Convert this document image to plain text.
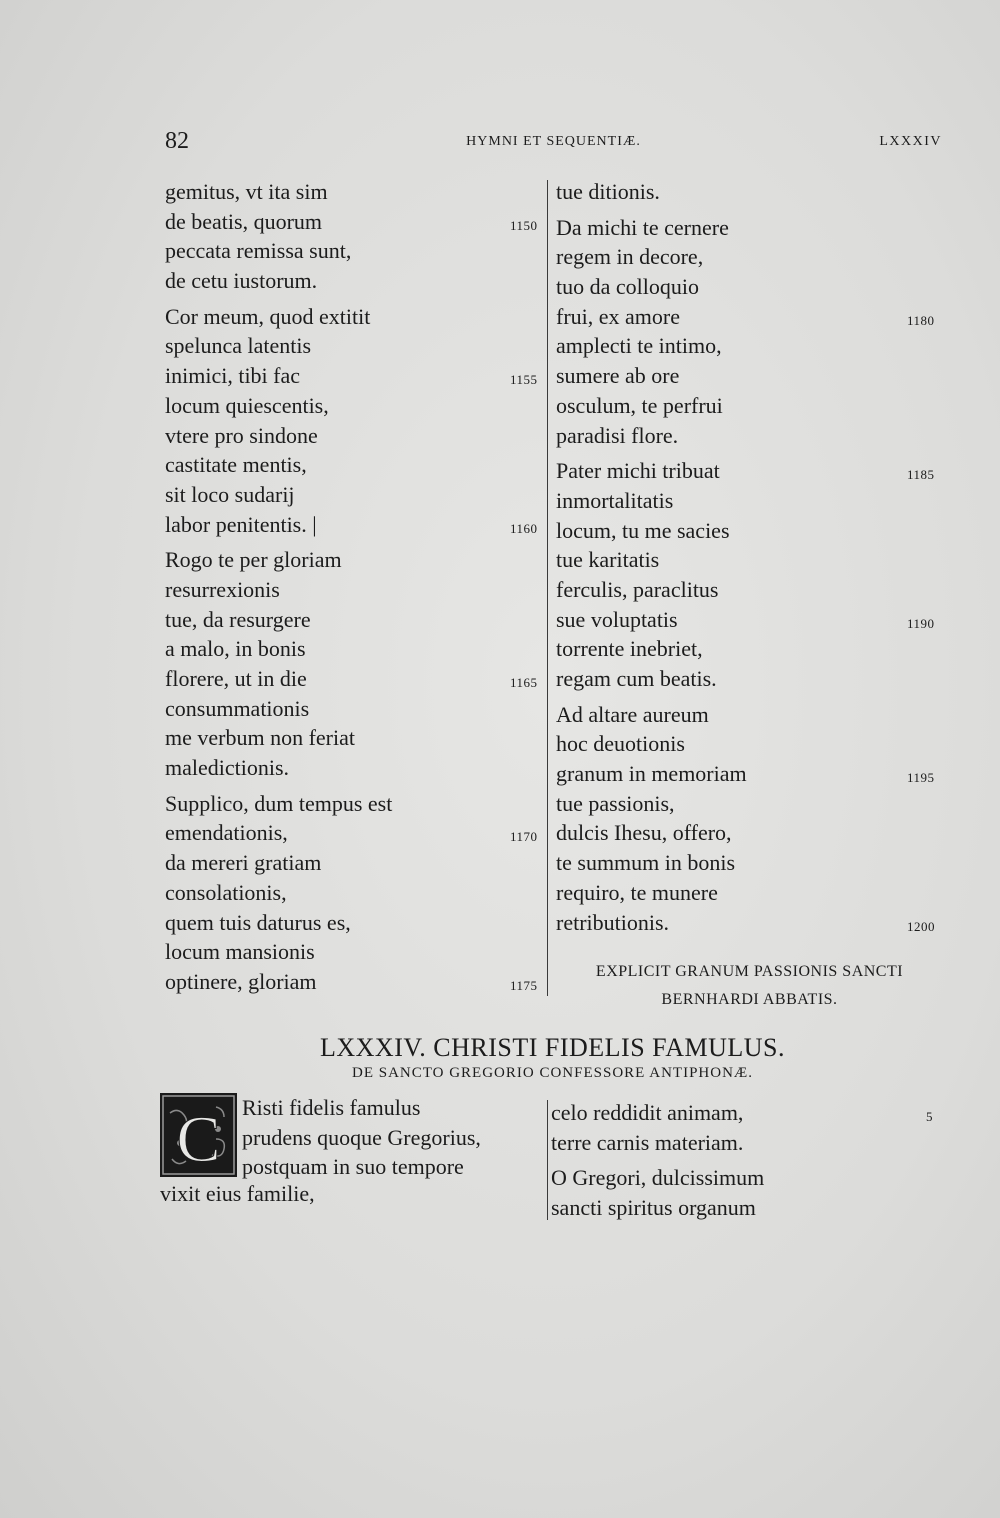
82	HYMNI ET SEQUENTIÆ.	LXXXIV
gemitus, vt ita sim
de beatis, quorum	1150
peccata remissa sunt,
de cetu iustorum.
Cor meum, quod extitit
spelunca latentis
inimici, tibi fac	1155
locum quiescentis,
vtere pro sindone
castitate mentis,
sit loco sudarij
labor penitentis. |	1160
Rogo te per gloriam
resurrexionis
tue, da resurgere
a malo, in bonis
florere, ut in die	1165
consummationis
me verbum non feriat
maledictionis.
Supplico, dum tempus est
emendationis,	1170
da mereri gratiam
consolationis,
quem tuis daturus es,
locum mansionis
optinere, gloriam	1175
tue ditionis.
Da michi te cernere
regem in decore,
tuo da colloquio
frui, ex amore	1180
amplecti te intimo,
sumere ab ore
osculum, te perfrui
paradisi flore.
Pater michi tribuat	1185
inmortalitatis
locum, tu me sacies
tue karitatis
ferculis, paraclitus
sue voluptatis	1190
torrente inebriet,
regam cum beatis.
Ad altare aureum
hoc deuotionis
granum in memoriam	1195
tue passionis,
dulcis Ihesu, offero,
te summum in bonis
requiro, te munere
retributionis.	1200
EXPLICIT GRANUM PASSIONIS SANCTI
BERNHARDI ABBATIS.
LXXXIV. CHRISTI FIDELIS FAMULUS.
DE SANCTO GREGORIO CONFESSORE ANTIPHONÆ.
C Risti fidelis famulus
prudens quoque Gregorius,
postquam in suo tempore
celo reddidit animam,	5
terre carnis materiam.
O Gregori, dulcissimum
sancti spiritus organum
vixit eius familie,
